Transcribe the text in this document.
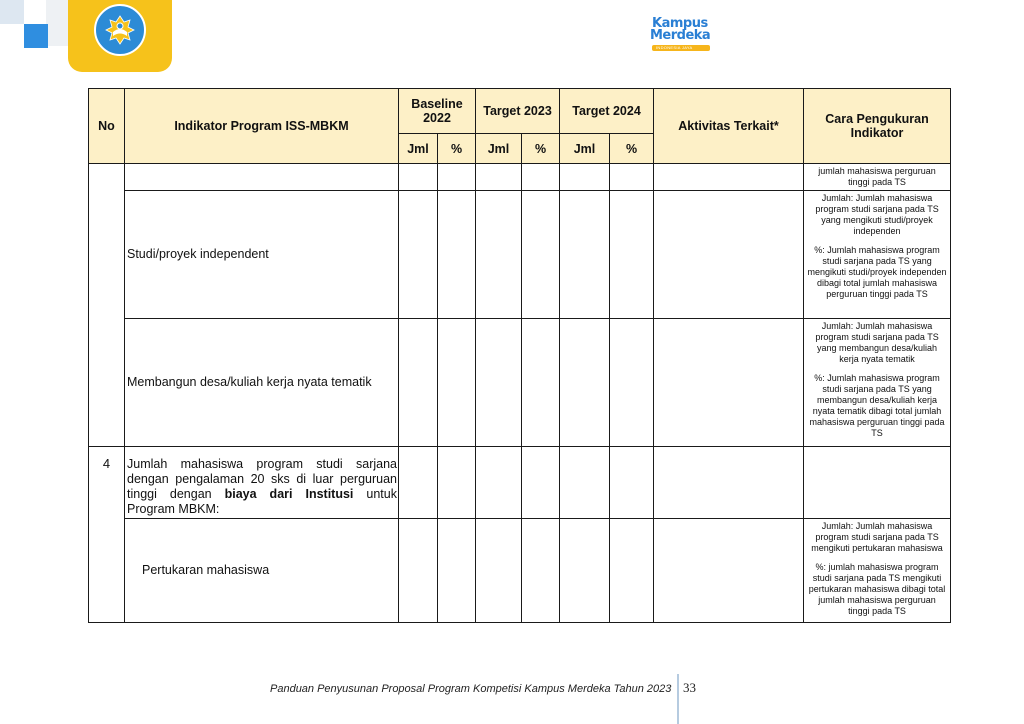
Kampus
Merdeka
INDONESIA JAYA
No	Indikator Program ISS-MBKM	Baseline 2022		Target 2023		Target 2024		Aktivitas Terkait*	Cara Pengukuran Indikator
		Jml	%	Jml	%	Jml	%		

									jumlah mahasiswa perguruan tinggi pada TS

	Studi/proyek independent								Jumlah: Jumlah mahasiswa program studi sarjana pada TS yang mengikuti studi/proyek independen
%: Jumlah mahasiswa program studi sarjana pada TS yang mengikuti studi/proyek independen dibagi total jumlah mahasiswa perguruan tinggi pada TS

	Membangun desa/kuliah kerja nyata tematik								Jumlah: Jumlah mahasiswa program studi sarjana pada TS yang membangun desa/kuliah kerja nyata tematik
%: Jumlah mahasiswa program studi sarjana pada TS yang membangun desa/kuliah kerja nyata tematik dibagi total jumlah mahasiswa perguruan tinggi pada TS

4	Jumlah mahasiswa program studi sarjana dengan pengalaman 20 sks di luar perguruan tinggi dengan biaya dari Institusi untuk Program MBKM:								
	Pertukaran mahasiswa								Jumlah: Jumlah mahasiswa program studi sarjana pada TS mengikuti pertukaran mahasiswa
%: jumlah mahasiswa program studi sarjana pada TS mengikuti pertukaran mahasiswa dibagi total jumlah mahasiswa perguruan tinggi pada TS
Panduan Penyusunan Proposal Program Kompetisi Kampus Merdeka Tahun 2023 33
